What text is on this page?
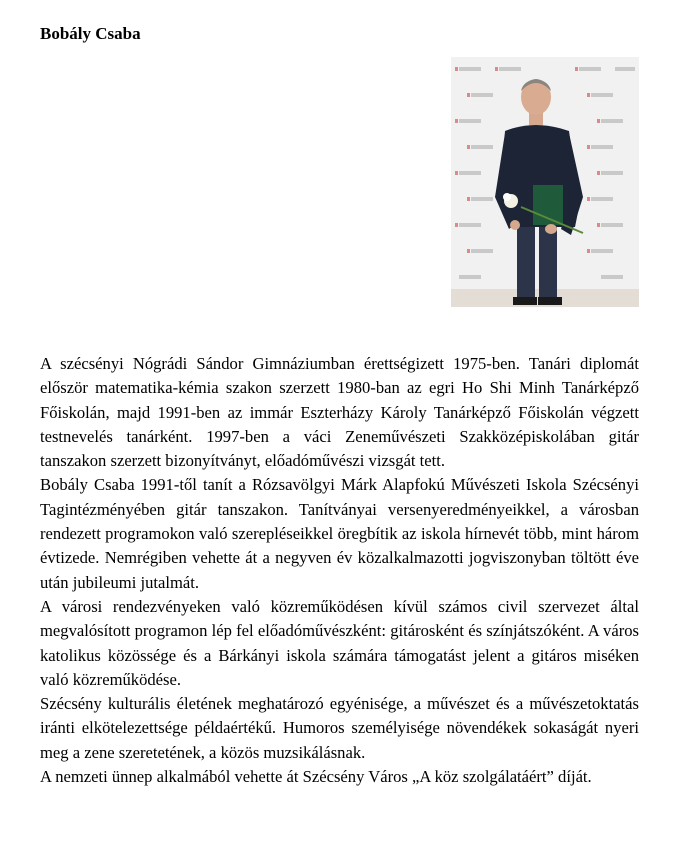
Bobály Csaba

A szécsényi Nógrádi Sándor Gimnáziumban érettségizett 1975-ben. Tanári diplomát először matematika-kémia szakon szerzett 1980-ban az egri Ho Shi Minh Tanárképző Főiskolán, majd 1991-ben az immár Eszterházy Károly Tanárképző Főiskolán végzett testnevelés tanárként. 1997-ben a váci Zeneművészeti Szakközépiskolában gitár tanszakon szerzett bizonyítványt, előadóművészi vizsgát tett.

Bobály Csaba 1991-től tanít a Rózsavölgyi Márk Alapfokú Művészeti Iskola Szécsényi Tagintézményében gitár tanszakon. Tanítványai versenyeredményeikkel, a városban rendezett programokon való szerepléseikkel öregbítik az iskola hírnevét több, mint három évtizede. Nemrégiben vehette át a negyven év közalkalmazotti jogviszonyban töltött éve után jubileumi jutalmát.

A városi rendezvényeken való közreműködésen kívül számos civil szervezet által megvalósított programon lép fel előadóművészként: gitárosként és színjátszóként. A város katolikus közössége és a Bárkányi iskola számára támogatást jelent a gitáros miséken való közreműködése.

Szécsény kulturális életének meghatározó egyénisége, a művészet és a művészetoktatás iránti elkötelezettsége példaértékű. Humoros személyisége növendékek sokaságát nyeri meg a zene szeretetének, a közös muzsikálásnak.

A nemzeti ünnep alkalmából vehette át Szécsény Város „A köz szolgálatáért” díját.
